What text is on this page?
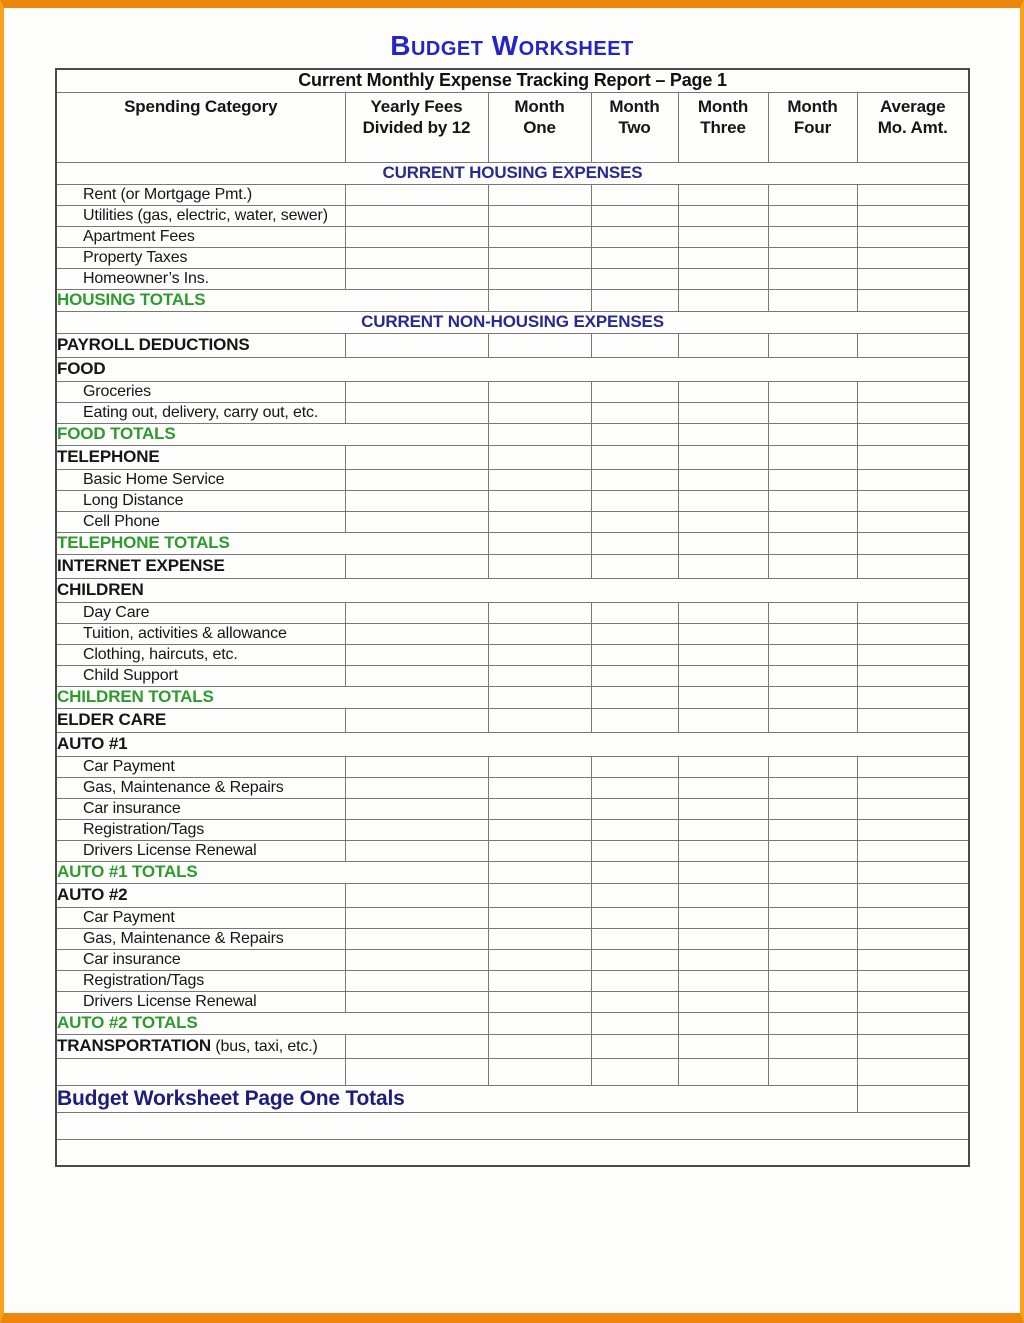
Budget Worksheet
Current Monthly Expense Tracking Report – Page 1						
Spending Category	Yearly Fees Divided by 12	Month One	Month Two	Month Three	Month Four	Average Mo. Amt.
CURRENT HOUSING EXPENSES						
Rent (or Mortgage Pmt.)						
Utilities (gas, electric, water, sewer)						
Apartment Fees						
Property Taxes						
Homeowner’s Ins.						
HOUSING TOTALS						
CURRENT NON-HOUSING EXPENSES						
PAYROLL DEDUCTIONS						
FOOD						
Groceries						
Eating out, delivery, carry out, etc.						
FOOD TOTALS						
TELEPHONE						
Basic Home Service						
Long Distance						
Cell Phone						
TELEPHONE TOTALS						
INTERNET EXPENSE						
CHILDREN						
Day Care						
Tuition, activities & allowance						
Clothing, haircuts, etc.						
Child Support						
CHILDREN TOTALS						
ELDER CARE						
AUTO #1						
Car Payment						
Gas, Maintenance & Repairs						
Car insurance						
Registration/Tags						
Drivers License Renewal						
AUTO #1 TOTALS						
AUTO #2						
Car Payment						
Gas, Maintenance & Repairs						
Car insurance						
Registration/Tags						
Drivers License Renewal						
AUTO #2 TOTALS						
TRANSPORTATION (bus, taxi, etc.)						

Budget Worksheet Page One Totals						
